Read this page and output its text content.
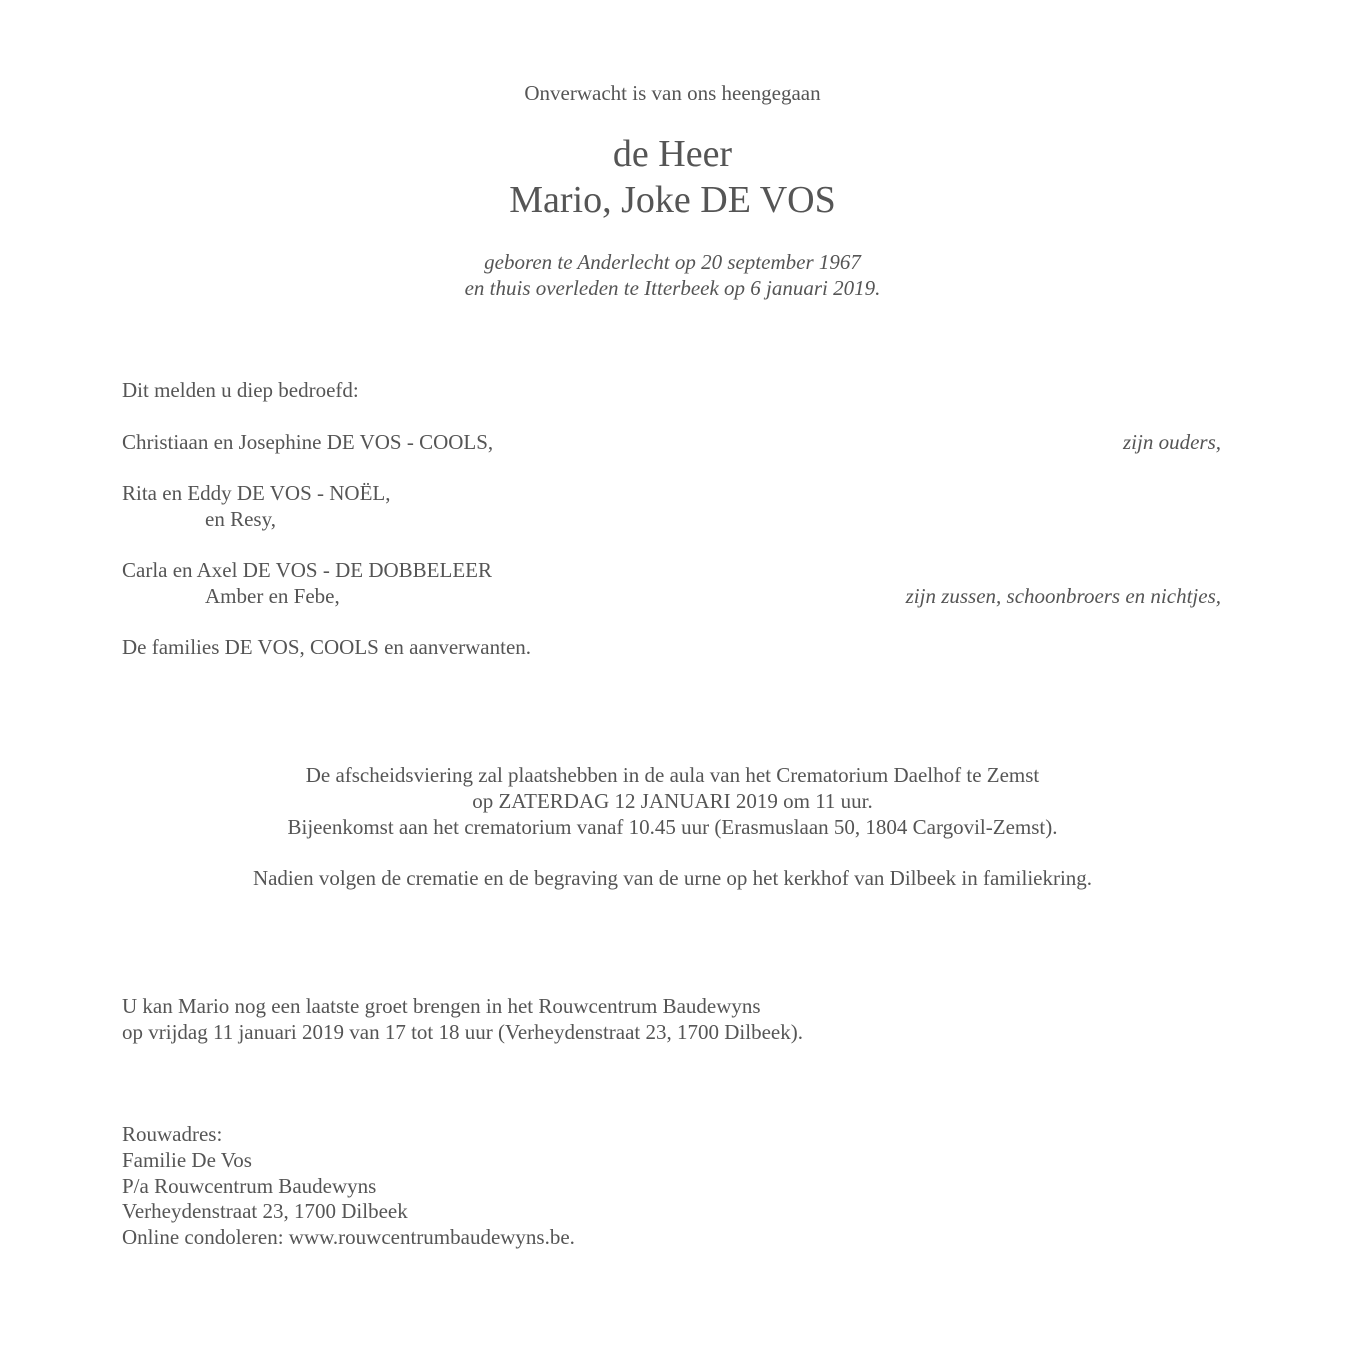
Onverwacht is van ons heengegaan
de Heer
Mario, Joke DE VOS
geboren te Anderlecht op 20 september 1967
en thuis overleden te Itterbeek op 6 januari 2019.
Dit melden u diep bedroefd:
Christiaan en Josephine DE VOS - COOLS,	zijn ouders,
Rita en Eddy DE VOS - NOËL,
en Resy,
Carla en Axel DE VOS - DE DOBBELEER
Amber en Febe,	zijn zussen, schoonbroers en nichtjes,
De families DE VOS, COOLS en aanverwanten.
De afscheidsviering zal plaatshebben in de aula van het Crematorium Daelhof te Zemst
op ZATERDAG 12 JANUARI 2019 om 11 uur.
Bijeenkomst aan het crematorium vanaf 10.45 uur (Erasmuslaan 50, 1804 Cargovil-Zemst).
Nadien volgen de crematie en de begraving van de urne op het kerkhof van Dilbeek in familiekring.
U kan Mario nog een laatste groet brengen in het Rouwcentrum Baudewyns
op vrijdag 11 januari 2019 van 17 tot 18 uur (Verheydenstraat 23, 1700 Dilbeek).
Rouwadres:
Familie De Vos
P/a Rouwcentrum Baudewyns
Verheydenstraat 23, 1700 Dilbeek
Online condoleren: www.rouwcentrumbaudewyns.be.
